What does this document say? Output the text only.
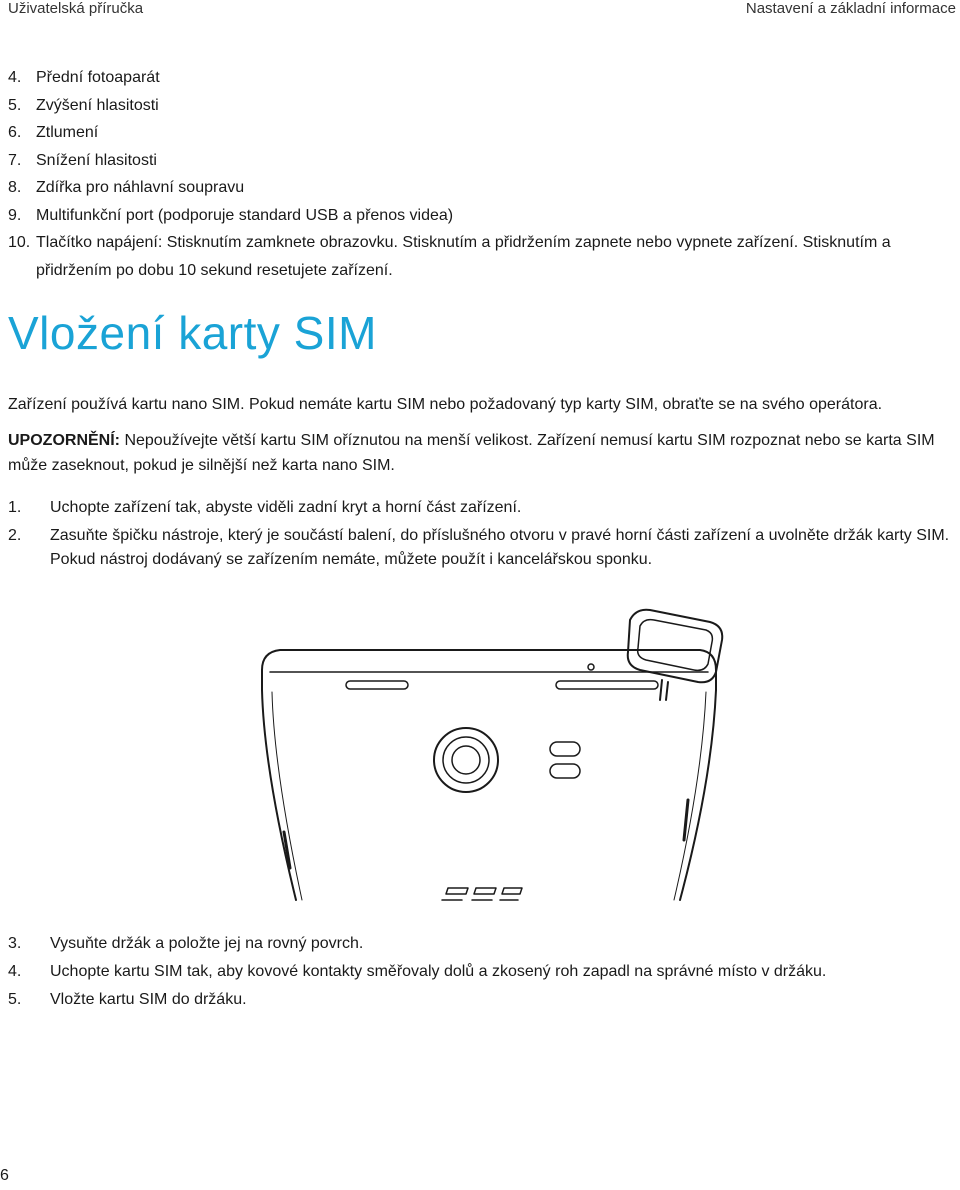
Uživatelská příručka	Nastavení a základní informace
4. Přední fotoaparát
5. Zvýšení hlasitosti
6. Ztlumení
7. Snížení hlasitosti
8. Zdířka pro náhlavní soupravu
9. Multifunkční port (podporuje standard USB a přenos videa)
10. Tlačítko napájení: Stisknutím zamknete obrazovku. Stisknutím a přidržením zapnete nebo vypnete zařízení. Stisknutím a přidržením po dobu 10 sekund resetujete zařízení.
Vložení karty SIM
Zařízení používá kartu nano SIM. Pokud nemáte kartu SIM nebo požadovaný typ karty SIM, obraťte se na svého operátora.
UPOZORNĚNÍ: Nepoužívejte větší kartu SIM oříznutou na menší velikost. Zařízení nemusí kartu SIM rozpoznat nebo se karta SIM může zaseknout, pokud je silnější než karta nano SIM.
1.	Uchopte zařízení tak, abyste viděli zadní kryt a horní část zařízení.
2.	Zasuňte špičku nástroje, který je součástí balení, do příslušného otvoru v pravé horní části zařízení a uvolněte držák karty SIM. Pokud nástroj dodávaný se zařízením nemáte, můžete použít i kancelářskou sponku.
3.	Vysuňte držák a položte jej na rovný povrch.
4.	Uchopte kartu SIM tak, aby kovové kontakty směřovaly dolů a zkosený roh zapadl na správné místo v držáku.
5.	Vložte kartu SIM do držáku.
6
